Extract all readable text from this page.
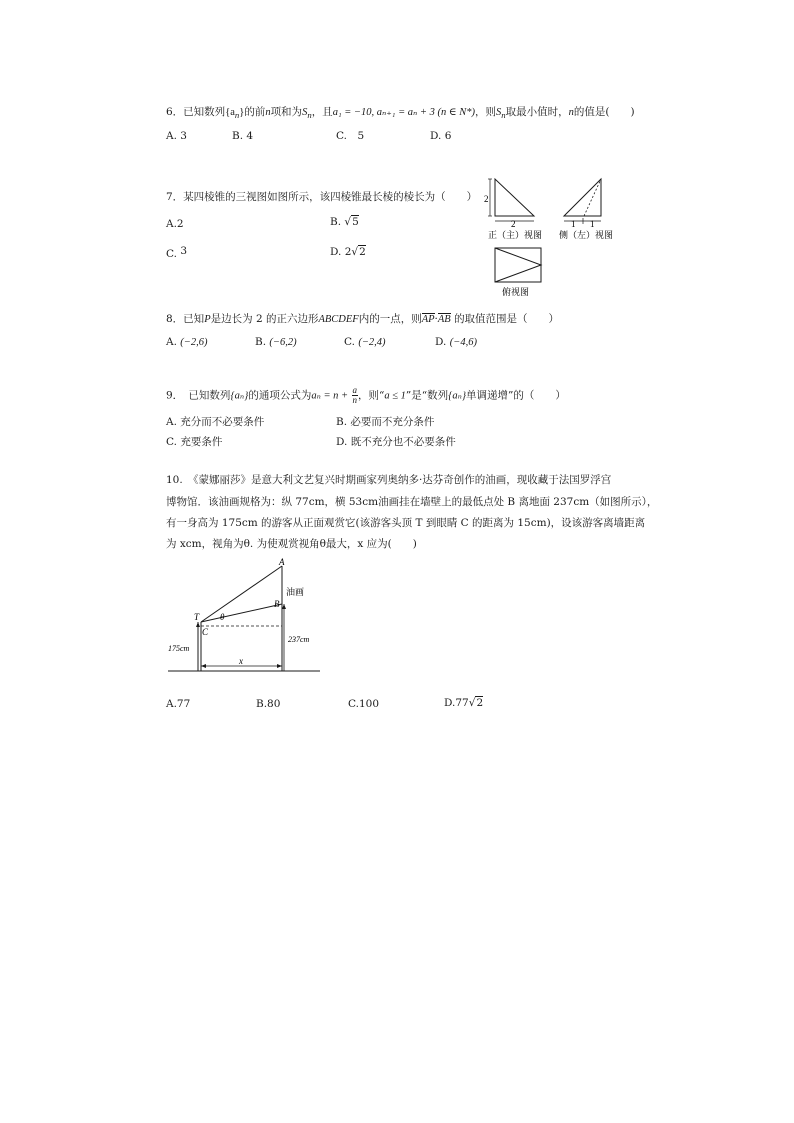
6．已知数列$\{a_n\}$的前n项和为$S_n$，且a₁ = −10, aₙ₊₁ = aₙ + 3 (n ∈ N*)，则$S_n$取最小值时，n的值是(　　)
A. 3	B. 4	C.　5	D. 6
7．某四棱锥的三视图如图所示，该四棱锥最长棱的棱长为（　　）
A.2	B. √5
C. 3	D. 2√2
2
2
正（主）视图
1 1
侧（左）视图
俯视图
8．已知P是边长为 2 的正六边形ABCDEF内的一点，则AP·AB 的取值范围是（　　）
A. (−2,6)	B. (−6,2)	C. (−2,4)	D. (−4,6)
9．　已知数列{aₙ}的通项公式为$a_n = n + \frac{a}{n}$ ，则“a ≤ 1”是“数列{aₙ}单调递增”的（　　）
A. 充分而不必要条件	B. 必要而不充分条件
C. 充要条件	D. 既不充分也不必要条件
10.　《蒙娜丽莎》是意大利文艺复兴时期画家列奥纳多·达芬奇创作的油画，现收藏于法国罗浮宫
博物馆．该油画规格为：纵 77cm，横 53cm油画挂在墙壁上的最低点处 B 离地面 237cm（如图所示），
有一身高为 175cm 的游客从正面观赏它(该游客头顶 T 到眼睛 C 的距离为 15cm)，设该游客离墙距离
为 xcm，视角为θ. 为使观赏视角θ最大，x 应为(　　)
A
B
T
C
θ
油画
175cm
237cm
x
A.77	B.80	C.100	D.77√2
